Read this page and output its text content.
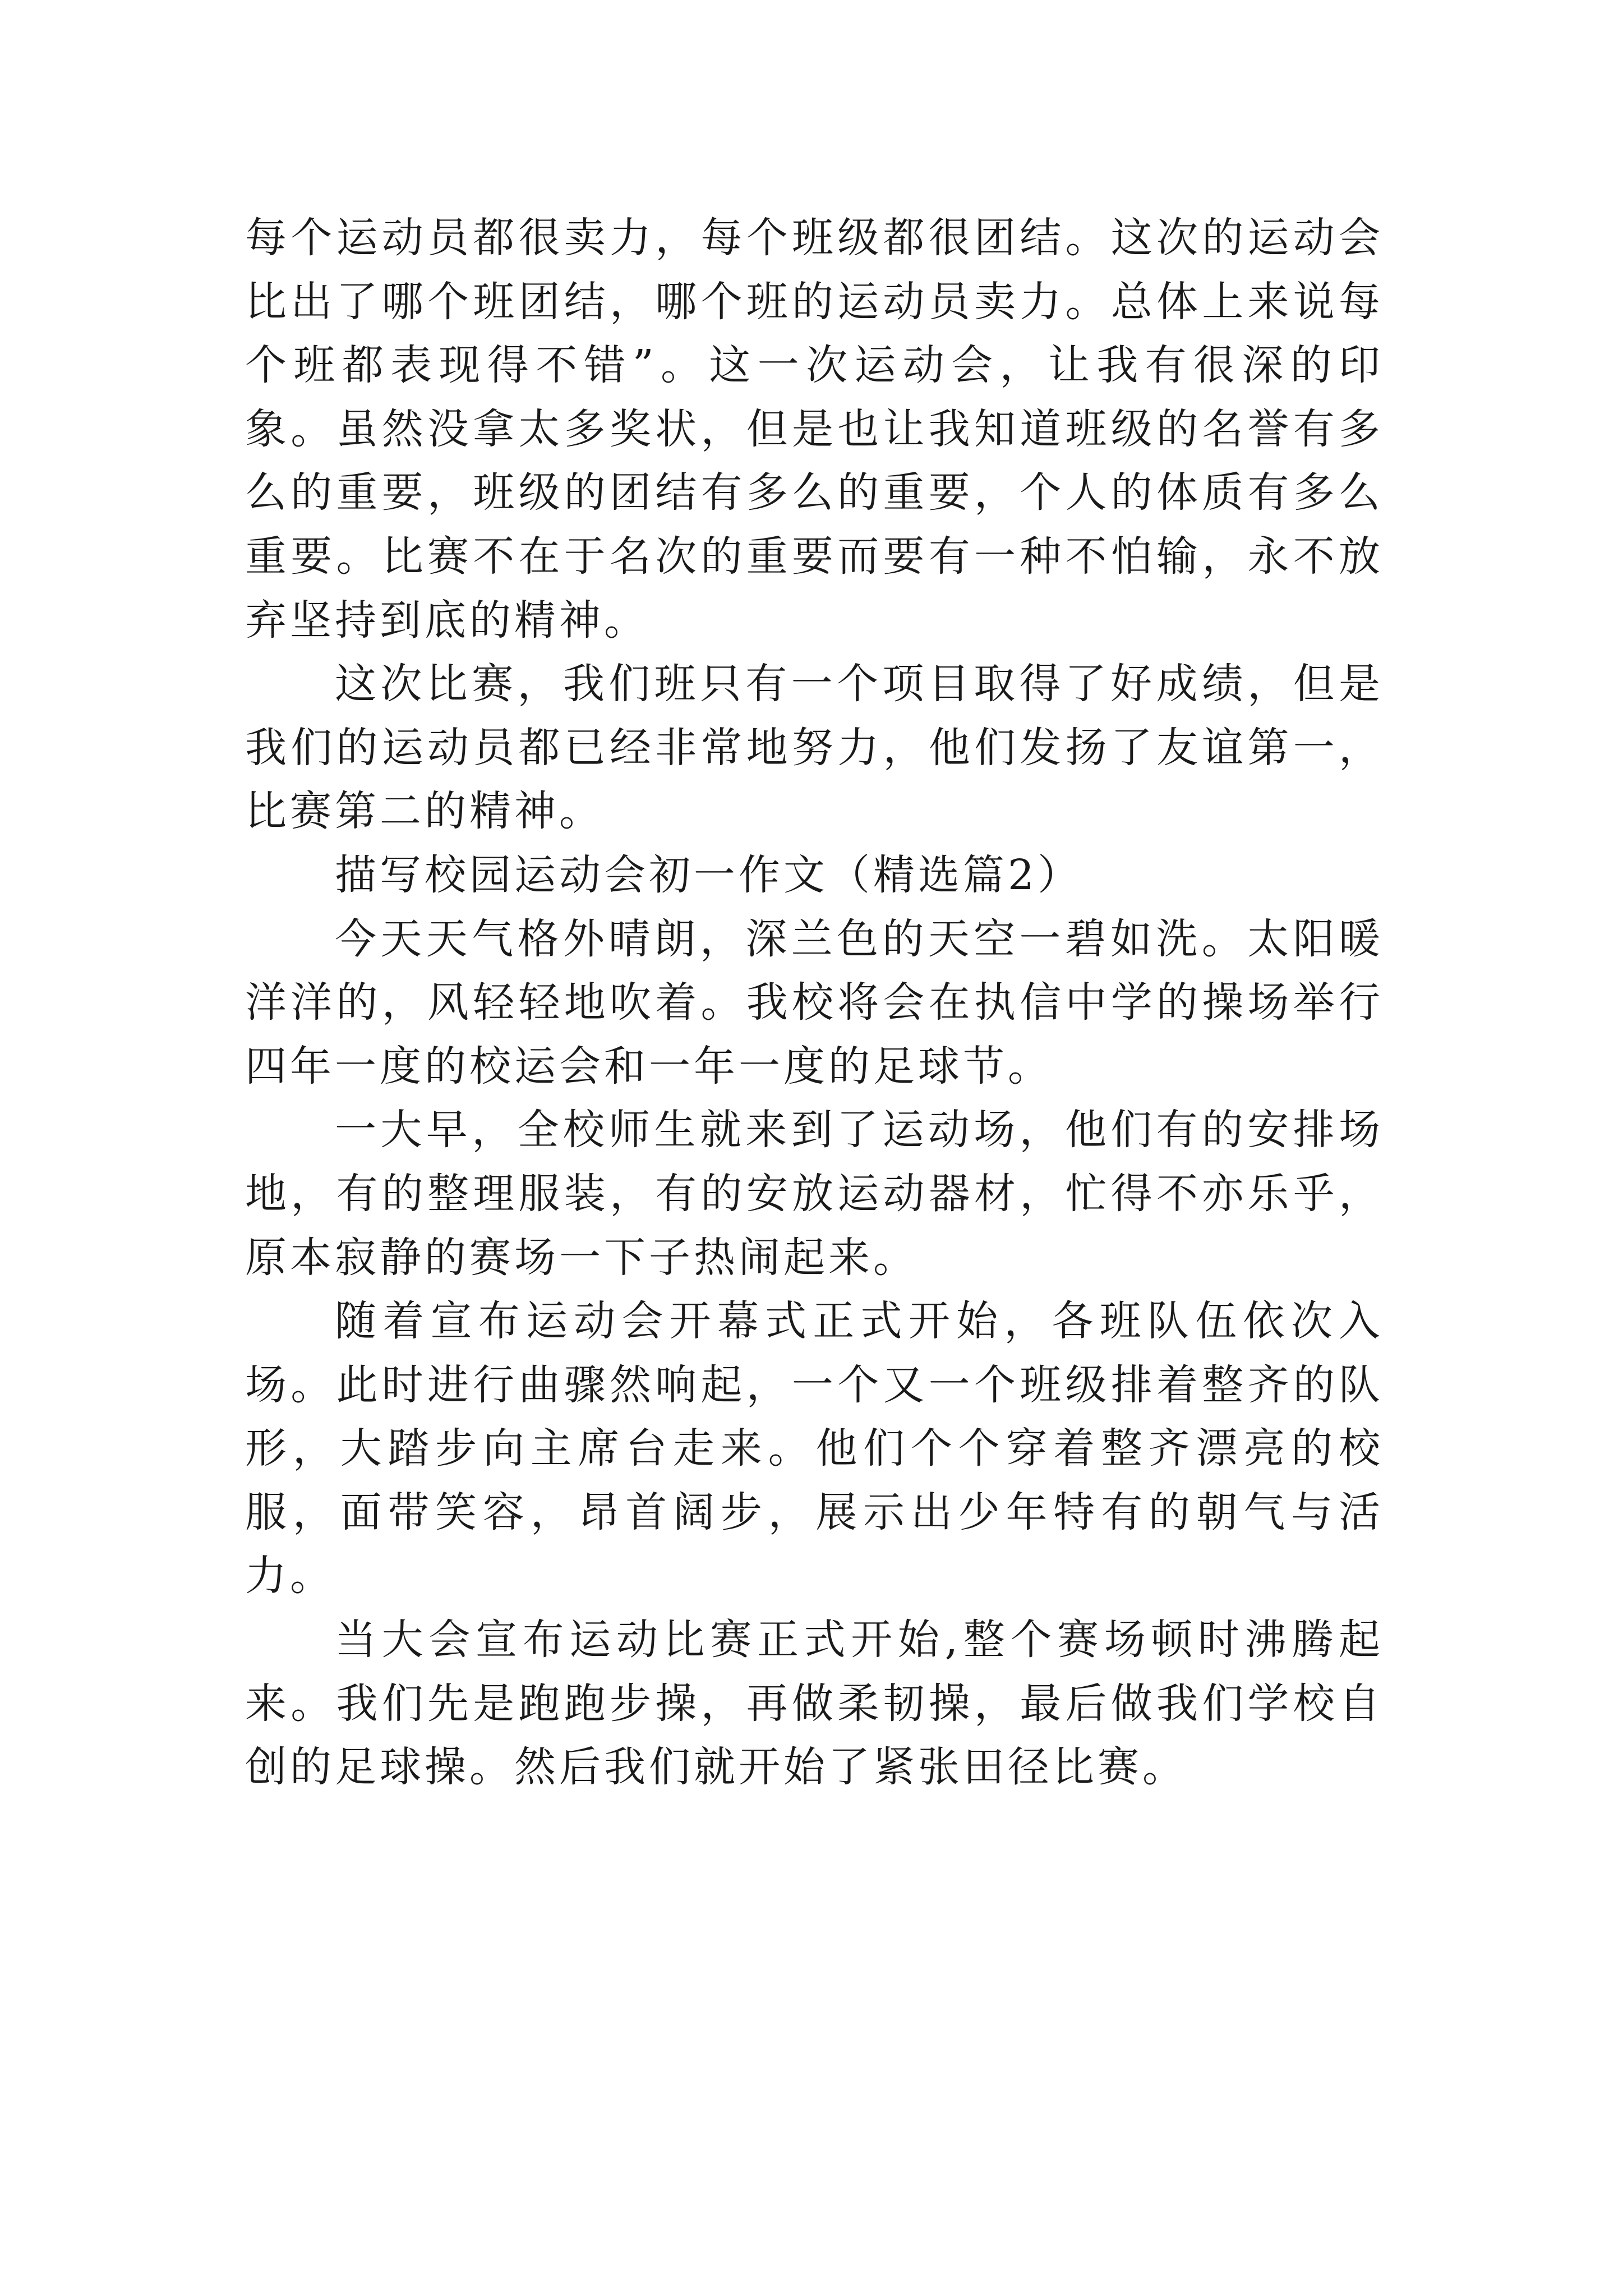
每个运动员都很卖力，每个班级都很团结。这次的运动会比出了哪个班团结，哪个班的运动员卖力。总体上来说每个班都表现得不错”。这一次运动会，让我有很深的印象。虽然没拿太多奖状，但是也让我知道班级的名誉有多么的重要，班级的团结有多么的重要，个人的体质有多么重要。比赛不在于名次的重要而要有一种不怕输，永不放弃坚持到底的精神。

这次比赛，我们班只有一个项目取得了好成绩，但是我们的运动员都已经非常地努力，他们发扬了友谊第一，比赛第二的精神。

描写校园运动会初一作文（精选篇2）

今天天气格外晴朗，深兰色的天空一碧如洗。太阳暖洋洋的，风轻轻地吹着。我校将会在执信中学的操场举行四年一度的校运会和一年一度的足球节。

一大早，全校师生就来到了运动场，他们有的安排场地，有的整理服装，有的安放运动器材，忙得不亦乐乎，原本寂静的赛场一下子热闹起来。

随着宣布运动会开幕式正式开始，各班队伍依次入场。此时进行曲骤然响起，一个又一个班级排着整齐的队形，大踏步向主席台走来。他们个个穿着整齐漂亮的校服，面带笑容，昂首阔步，展示出少年特有的朝气与活力。

当大会宣布运动比赛正式开始,整个赛场顿时沸腾起来。我们先是跑跑步操，再做柔韧操，最后做我们学校自创的足球操。然后我们就开始了紧张田径比赛。
